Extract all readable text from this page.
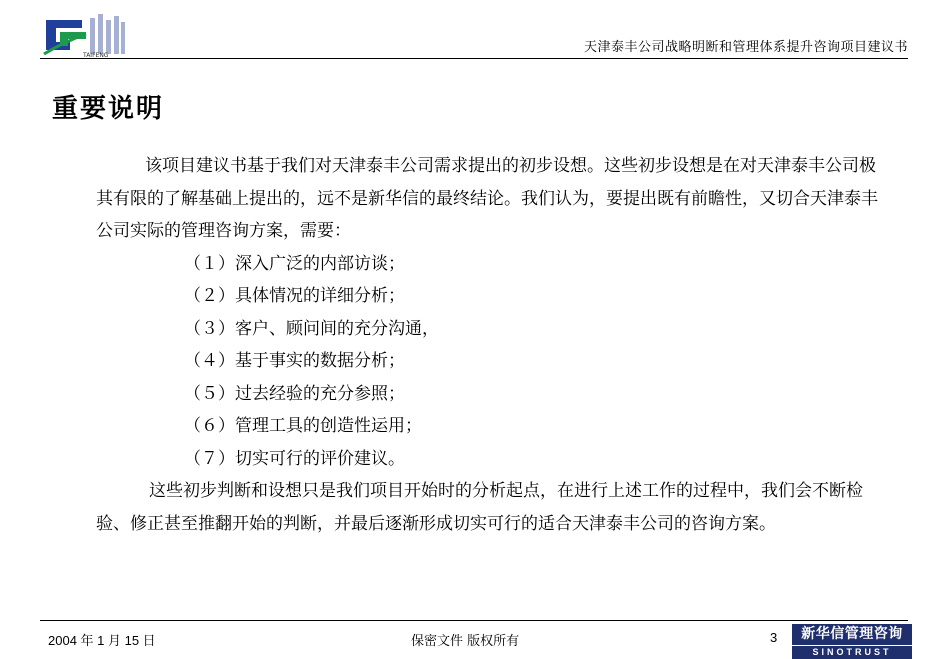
TAIFENG
天津泰丰公司战略明断和管理体系提升咨询项目建议书
重要说明

该项目建议书基于我们对天津泰丰公司需求提出的初步设想。这些初步设想是在对天津泰丰公司极其有限的了解基础上提出的，远不是新华信的最终结论。我们认为，要提出既有前瞻性，又切合天津泰丰公司实际的管理咨询方案，需要：

（１）深入广泛的内部访谈；
（２）具体情况的详细分析；
（３）客户、顾问间的充分沟通，
（４）基于事实的数据分析；
（５）过去经验的充分参照；
（６）管理工具的创造性运用；
（７）切实可行的评价建议。

这些初步判断和设想只是我们项目开始时的分析起点，在进行上述工作的过程中，我们会不断检验、修正甚至推翻开始的判断，并最后逐渐形成切实可行的适合天津泰丰公司的咨询方案。

2004 年 1 月 15 日	保密文件 版权所有	3	新华信管理咨询
SINOTRUST
